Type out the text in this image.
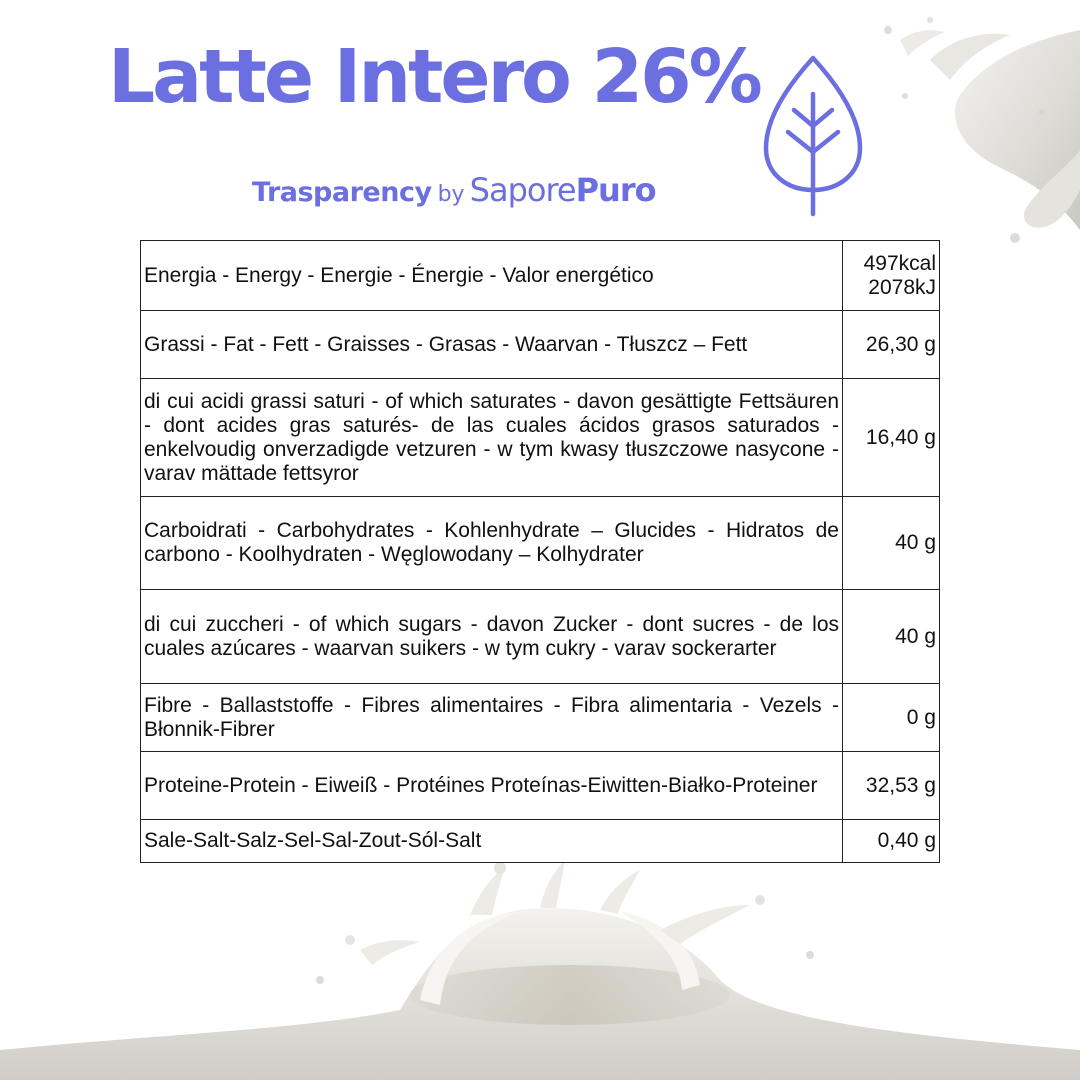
Latte Intero 26%
Trasparency by SaporePuro
Energia - Energy - Energie - Énergie - Valor energético	497kcal
2078kJ
Grassi - Fat - Fett - Graisses - Grasas - Waarvan - Tłuszcz – Fett	26,30 g
di cui acidi grassi saturi - of which saturates - davon gesättigte Fettsäuren - dont acides gras saturés- de las cuales ácidos grasos saturados - enkelvoudig onverzadigde vetzuren - w tym kwasy tłuszczowe nasycone - varav mättade fettsyror	16,40 g
Carboidrati - Carbohydrates - Kohlenhydrate – Glucides - Hidratos de carbono - Koolhydraten - Węglowodany – Kolhydrater	40 g
di cui zuccheri - of which sugars - davon Zucker - dont sucres - de los cuales azúcares - waarvan suikers - w tym cukry - varav sockerarter	40 g
Fibre - Ballaststoffe - Fibres alimentaires - Fibra alimentaria - Vezels - Błonnik-Fibrer	0 g
Proteine-Protein - Eiweiß - Protéines Proteínas-Eiwitten-Białko-Proteiner	32,53 g
Sale-Salt-Salz-Sel-Sal-Zout-Sól-Salt	0,40 g
